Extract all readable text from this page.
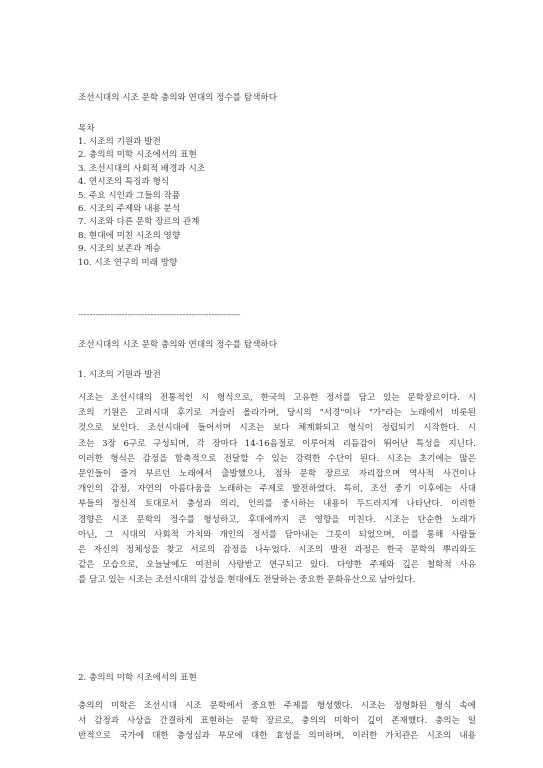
조선시대의 시조 문학 충의와 연대의 정수를 탐색하다
목차
1. 시조의 기원과 발전
2. 충의의 미학 시조에서의 표현
3. 조선시대의 사회적 배경과 시조
4. 연시조의 특징과 형식
5. 주요 시인과 그들의 작품
6. 시조의 주제와 내용 분석
7. 시조와 다른 문학 장르의 관계
8. 현대에 미친 시조의 영향
9. 시조의 보존과 계승
10. 시조 연구의 미래 방향
--------------------------------------------------------
조선시대의 시조 문학 충의와 연대의 정수를 탐색하다
1. 시조의 기원과 발전
시조는 조선시대의 전통적인 시 형식으로, 한국의 고유한 정서를 담고 있는 문학장르이다. 시
조의 기원은 고려시대 후기로 거슬러 올라가며, 당시의 "서경"이나 "가"라는 노래에서 비롯된
것으로 보인다. 조선시대에 들어서며 시조는 보다 체계화되고 형식이 정립되기 시작한다. 시
조는 3장 6구로 구성되며, 각 장마다 14-16음절로 이루어져 리듬감이 뛰어난 특성을 지닌다.
이러한 형식은 감정을 함축적으로 전달할 수 있는 강력한 수단이 된다. 시조는 초기에는 많은
문인들이 즐겨 부르던 노래에서 출발했으나, 점차 문학 장르로 자리잡으며 역사적 사건이나
개인의 감정, 자연의 아름다움을 노래하는 주제로 발전하였다. 특히, 조선 중기 이후에는 사대
부들의 정신적 토대로서 충성과 의리, 인의를 중시하는 내용이 두드러지게 나타난다. 이러한
경향은 시조 문학의 정수를 형성하고, 후대에까지 큰 영향을 미친다. 시조는 단순한 노래가
아닌, 그 시대의 사회적 가치와 개인의 정서를 담아내는 그릇이 되었으며, 이를 통해 사람들
은 자신의 정체성을 찾고 서로의 감정을 나누었다. 시조의 발전 과정은 한국 문학의 뿌리와도
같은 모습으로, 오늘날에도 여전히 사랑받고 연구되고 있다. 다양한 주제와 깊은 철학적 사유
를 담고 있는 시조는 조선시대의 감성을 현대에도 전달하는 중요한 문화유산으로 남아있다.
2. 충의의 미학 시조에서의 표현
충의의 미학은 조선시대 시조 문학에서 중요한 주제를 형성했다. 시조는 정형화된 형식 속에
서 감정과 사상을 간결하게 표현하는 문학 장르로, 충의의 미학이 깊이 존재했다. 충의는 일
반적으로 국가에 대한 충성심과 부모에 대한 효성을 의미하며, 이러한 가치관은 시조의 내용
